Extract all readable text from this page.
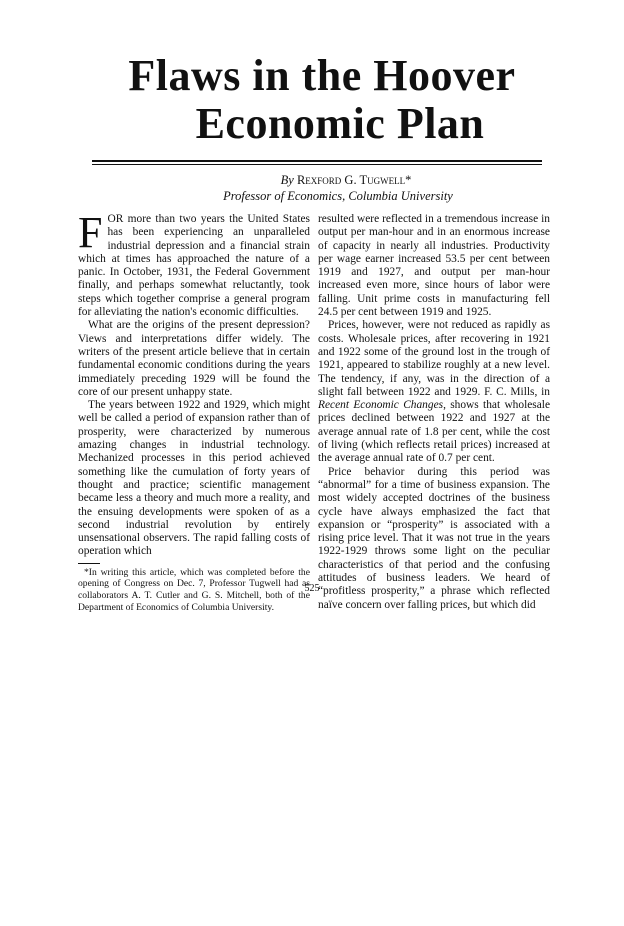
Flaws in the Hoover
Economic Plan
By Rexford G. Tugwell*
Professor of Economics, Columbia University

FOR more than two years the United States has been experiencing an unparalleled industrial depression and a financial strain which at times has approached the nature of a panic. In October, 1931, the Federal Government finally, and perhaps somewhat reluctantly, took steps which together comprise a general program for alleviating the nation's economic difficulties.

What are the origins of the present depression? Views and interpretations differ widely. The writers of the present article believe that in certain fundamental economic conditions during the years immediately preceding 1929 will be found the core of our present unhappy state.

The years between 1922 and 1929, which might well be called a period of expansion rather than of prosperity, were characterized by numerous amazing changes in industrial technology. Mechanized processes in this period achieved something like the cumulation of forty years of thought and practice; scientific management became less a theory and much more a reality, and the ensuing developments were spoken of as a second industrial revolution by entirely unsensational observers. The rapid falling costs of operation which

*In writing this article, which was completed before the opening of Congress on Dec. 7, Professor Tugwell had as collaborators A. T. Cutler and G. S. Mitchell, both of the Department of Economics of Columbia University.

resulted were reflected in a tremendous increase in output per man-hour and in an enormous increase of capacity in nearly all industries. Productivity per wage earner increased 53.5 per cent between 1919 and 1927, and output per man-hour increased even more, since hours of labor were falling. Unit prime costs in manufacturing fell 24.5 per cent between 1919 and 1925.

Prices, however, were not reduced as rapidly as costs. Wholesale prices, after recovering in 1921 and 1922 some of the ground lost in the trough of 1921, appeared to stabilize roughly at a new level. The tendency, if any, was in the direction of a slight fall between 1922 and 1929. F. C. Mills, in Recent Economic Changes, shows that wholesale prices declined between 1922 and 1927 at the average annual rate of 1.8 per cent, while the cost of living (which reflects retail prices) increased at the average annual rate of 0.7 per cent.

Price behavior during this period was “abnormal” for a time of business expansion. The most widely accepted doctrines of the business cycle have always emphasized the fact that expansion or “prosperity” is associated with a rising price level. That it was not true in the years 1922-1929 throws some light on the peculiar characteristics of that period and the confusing attitudes of business leaders. We heard of “profitless prosperity,” a phrase which reflected naïve concern over falling prices, but which did

525
